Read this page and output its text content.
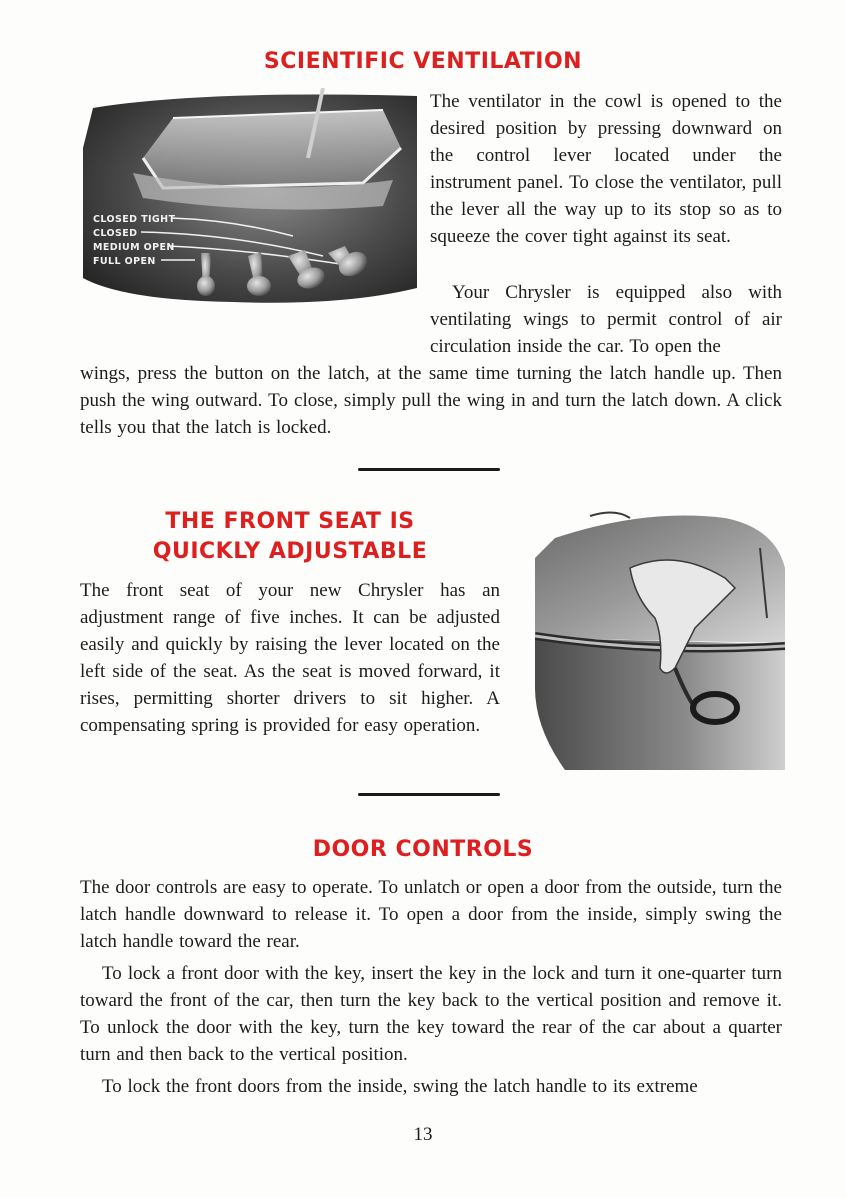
SCIENTIFIC VENTILATION
CLOSED TIGHT
CLOSED
MEDIUM OPEN
FULL OPEN

The ventilator in the cowl is opened to the desired position by pressing downward on the control lever located under the instrument panel. To close the ventilator, pull the lever all the way up to its stop so as to squeeze the cover tight against its seat.

Your Chrysler is equipped also with ventilating wings to permit control of air circulation inside the car. To open the

wings, press the button on the latch, at the same time turning the latch handle up. Then push the wing outward. To close, simply pull the wing in and turn the latch down. A click tells you that the latch is locked.

THE FRONT SEAT IS
QUICKLY ADJUSTABLE

The front seat of your new Chrysler has an adjustment range of five inches. It can be adjusted easily and quickly by raising the lever located on the left side of the seat. As the seat is moved forward, it rises, permitting shorter drivers to sit higher. A compensating spring is provided for easy operation.

DOOR CONTROLS

The door controls are easy to operate. To unlatch or open a door from the outside, turn the latch handle downward to release it. To open a door from the inside, simply swing the latch handle toward the rear.

To lock a front door with the key, insert the key in the lock and turn it one-quarter turn toward the front of the car, then turn the key back to the vertical position and remove it. To unlock the door with the key, turn the key toward the rear of the car about a quarter turn and then back to the vertical position.

To lock the front doors from the inside, swing the latch handle to its extreme

13
